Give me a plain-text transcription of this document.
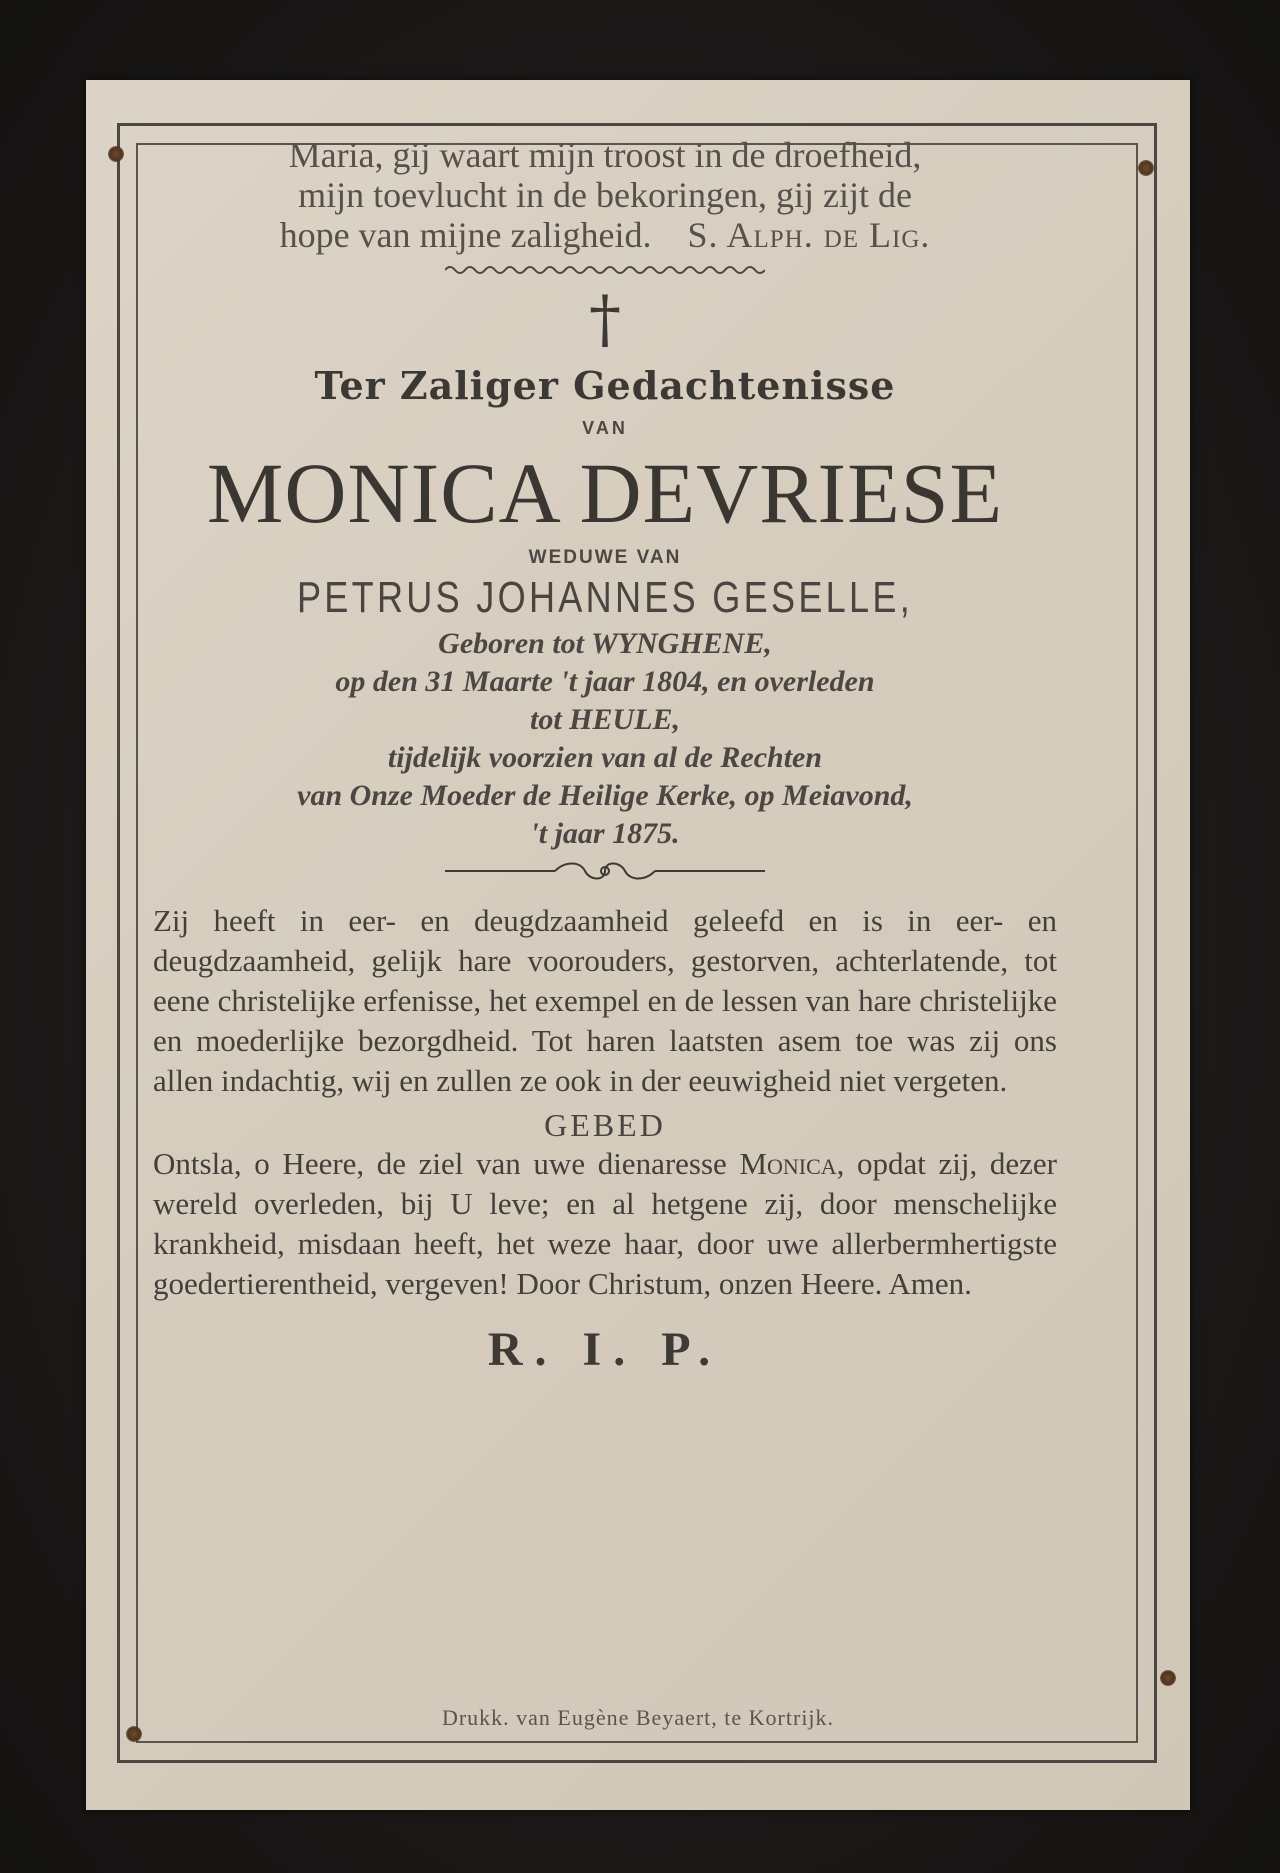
Drukk. van Eugène Beyaert, te Kortrijk.

Maria, gij waart mijn troost in de droefheid,

mijn toevlucht in de bekoringen, gij zijt de

hope van mijne zaligheid. S. Alph. de Lig.

†
Ter Zaliger Gedachtenisse
VAN
MONICA DEVRIESE
WEDUWE VAN
PETRUS JOHANNES GESELLE,
Geboren tot WYNGHENE,
op den 31 Maarte 't jaar 1804, en overleden
tot HEULE,
tijdelijk voorzien van al de Rechten
van Onze Moeder de Heilige Kerke, op Meiavond,
't jaar 1875.

Zij heeft in eer- en deugdzaamheid geleefd en is in eer- en deugdzaamheid, gelijk hare voorouders, gestorven, achterlatende, tot eene christelijke erfenisse, het exempel en de lessen van hare christelijke en moederlijke bezorgdheid. Tot haren laatsten asem toe was zij ons allen indachtig, wij en zullen ze ook in der eeuwigheid niet vergeten.

GEBED

Ontsla, o Heere, de ziel van uwe dienaresse Monica, opdat zij, dezer wereld overleden, bij U leve; en al hetgene zij, door menschelijke krankheid, misdaan heeft, het weze haar, door uwe allerbermhertigste goedertierentheid, vergeven! Door Christum, onzen Heere. Amen.

R. I. P.
